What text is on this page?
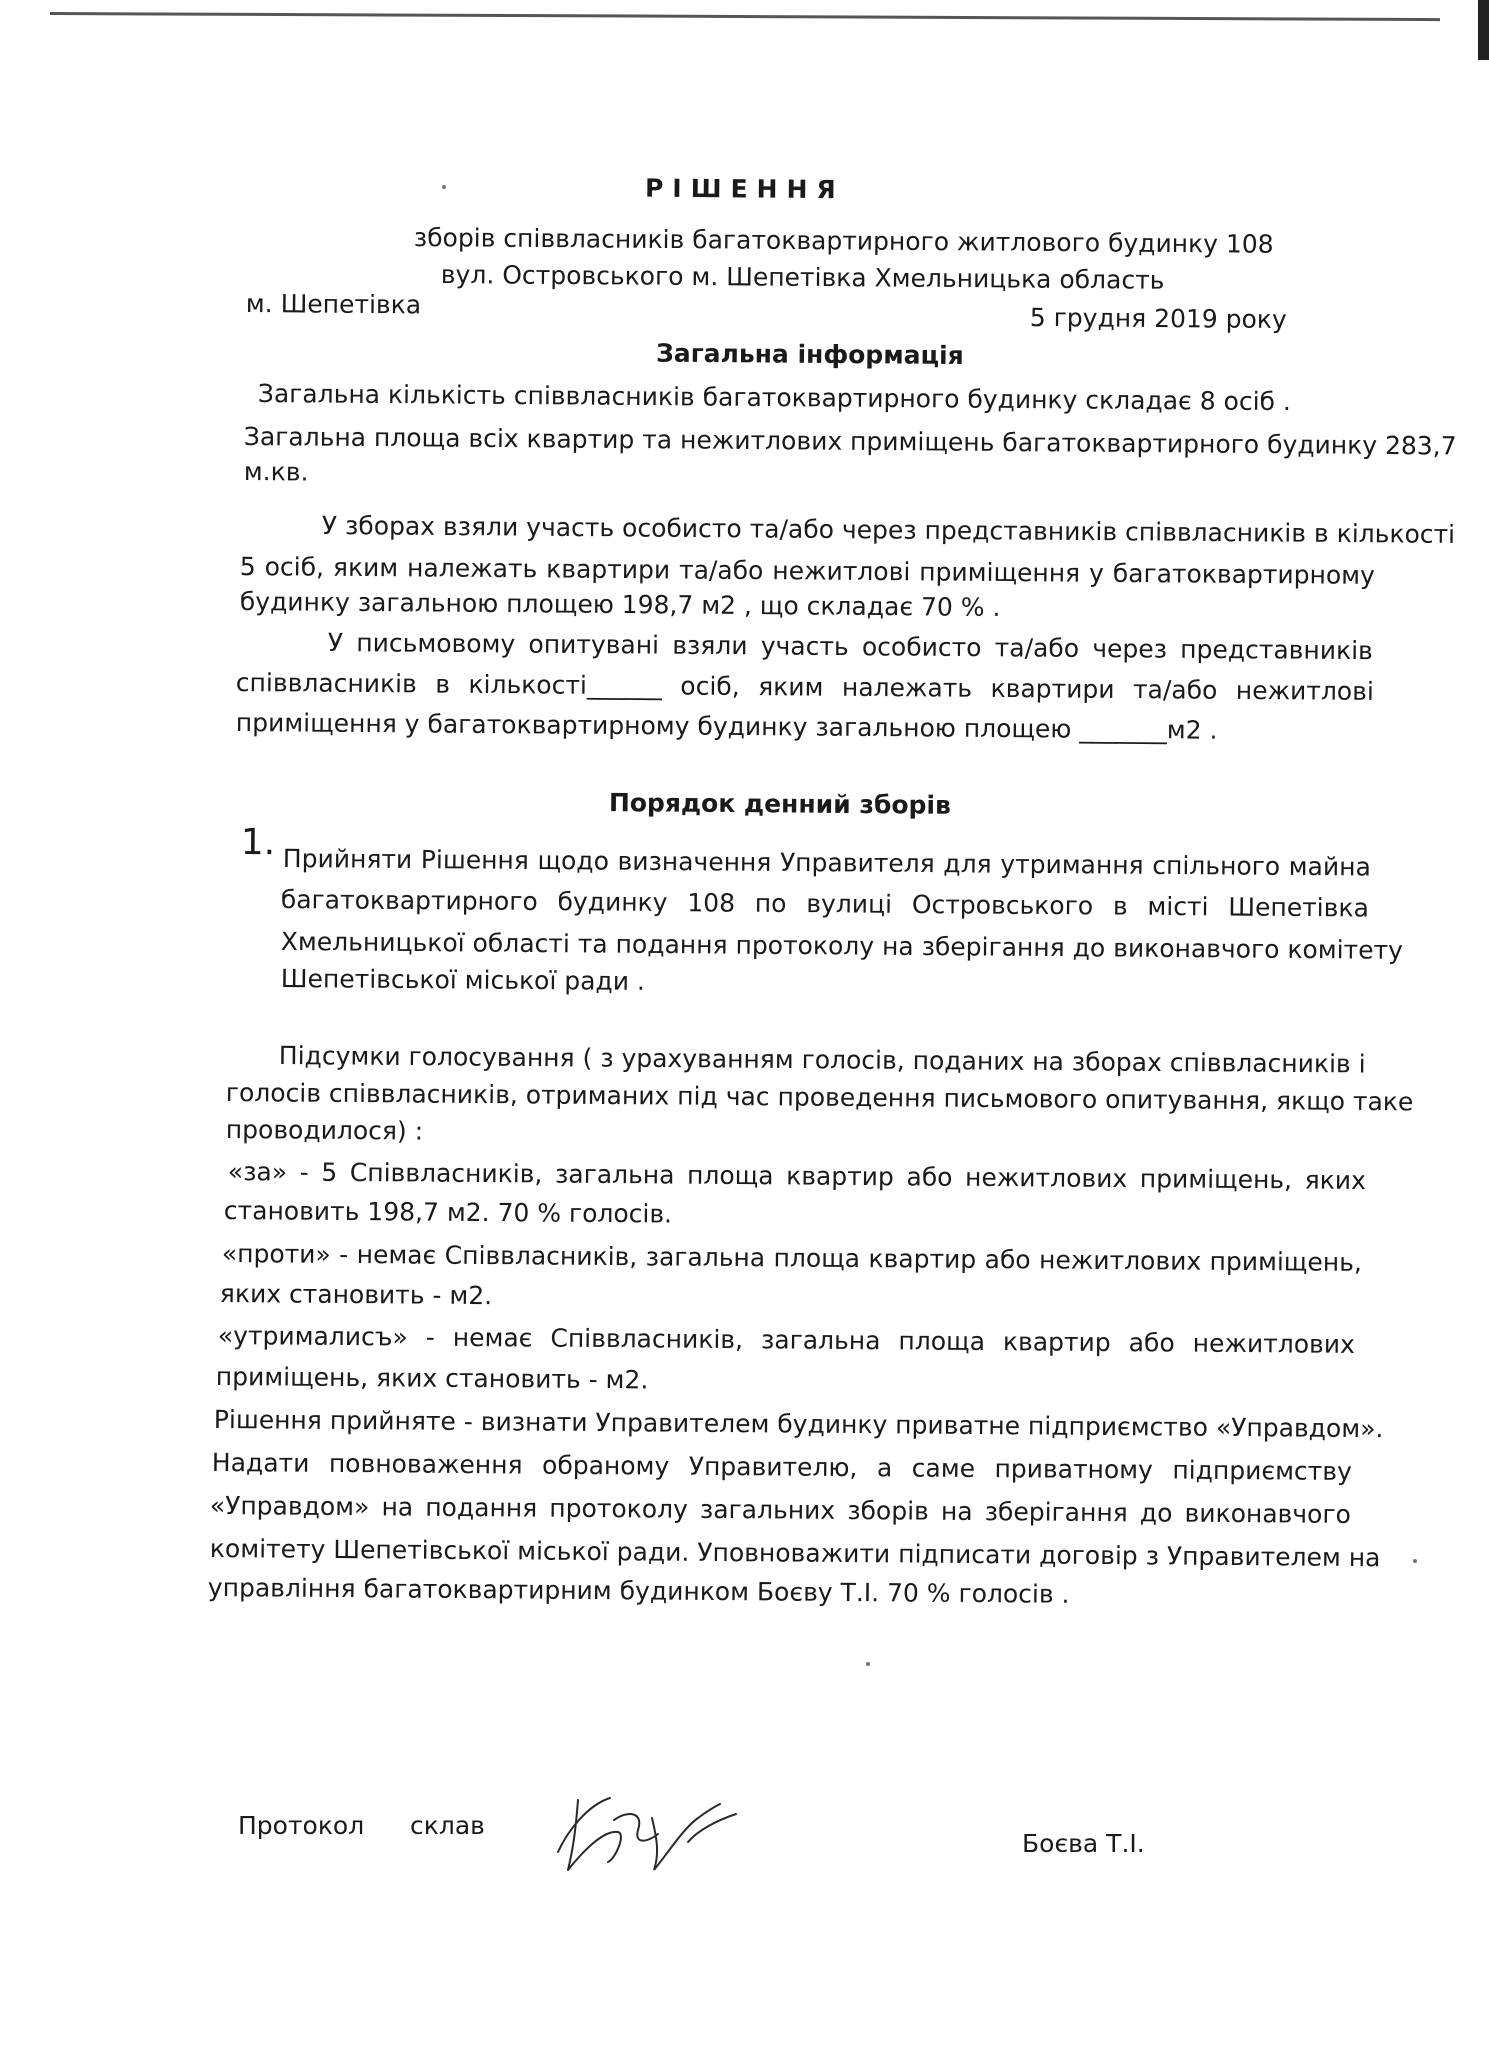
РІШЕННЯ
зборів співвласників багатоквартирного житлового будинку 108
вул. Островського м. Шепетівка Хмельницька область
м. Шепетівка	5 грудня 2019 року
Загальна інформація
Загальна кількість співвласників багатоквартирного будинку складає 8 осіб .
Загальна площа всіх квартир та нежитлових приміщень багатоквартирного будинку 283,7
м.кв.
У зборах взяли участь особисто та/або через представників співвласників в кількості
5 осіб, яким належать квартири та/або нежитлові приміщення у багатоквартирному
будинку загальною площею 198,7 м2 , що складає 70 % .
У письмовому опитувані взяли участь особисто та/або через представників
співвласників в кількості______ осіб, яким належать квартири та/або нежитлові
приміщення у багатоквартирному будинку загальною площею _______м2 .
Порядок денний зборів
1. Прийняти Рішення щодо визначення Управителя для утримання спільного майна
багатоквартирного будинку 108 по вулиці Островського в місті Шепетівка
Хмельницької області та подання протоколу на зберігання до виконавчого комітету
Шепетівської міської ради .
Підсумки голосування ( з урахуванням голосів, поданих на зборах співвласників і
голосів співвласників, отриманих під час проведення письмового опитування, якщо таке
проводилося) :
«за» - 5 Співвласників, загальна площа квартир або нежитлових приміщень, яких
становить 198,7 м2. 70 % голосів.
«проти» - немає Співвласників, загальна площа квартир або нежитлових приміщень,
яких становить - м2.
«утрималисъ» - немає Співвласників, загальна площа квартир або нежитлових
приміщень, яких становить - м2.
Рішення прийняте - визнати Управителем будинку приватне підприємство «Управдом».
Надати повноваження обраному Управителю, а саме приватному підприємству
«Управдом» на подання протоколу загальних зборів на зберігання до виконавчого
комітету Шепетівської міської ради. Уповноважити підписати договір з Управителем на
управління багатоквартирним будинком Боєву Т.І. 70 % голосів .
Протокол склав
Боєва Т.І.
